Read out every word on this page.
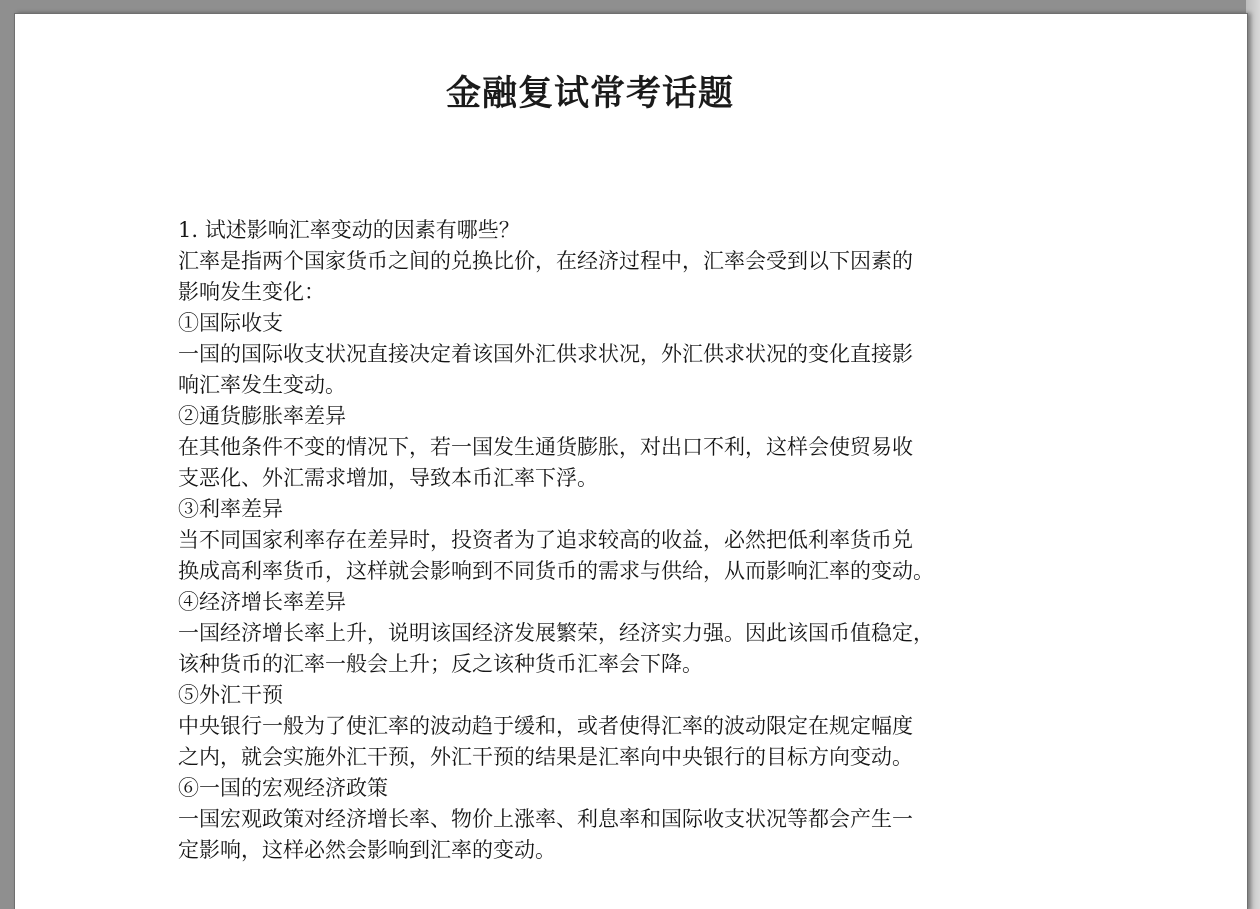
金融复试常考话题
1. 试述影响汇率变动的因素有哪些？
汇率是指两个国家货币之间的兑换比价，在经济过程中，汇率会受到以下因素的
影响发生变化：
①国际收支
一国的国际收支状况直接决定着该国外汇供求状况，外汇供求状况的变化直接影
响汇率发生变动。
②通货膨胀率差异
在其他条件不变的情况下，若一国发生通货膨胀，对出口不利，这样会使贸易收
支恶化、外汇需求增加，导致本币汇率下浮。
③利率差异
当不同国家利率存在差异时，投资者为了追求较高的收益，必然把低利率货币兑
换成高利率货币，这样就会影响到不同货币的需求与供给，从而影响汇率的变动。
④经济增长率差异
一国经济增长率上升，说明该国经济发展繁荣，经济实力强。因此该国币值稳定，
该种货币的汇率一般会上升；反之该种货币汇率会下降。
⑤外汇干预
中央银行一般为了使汇率的波动趋于缓和，或者使得汇率的波动限定在规定幅度
之内，就会实施外汇干预，外汇干预的结果是汇率向中央银行的目标方向变动。
⑥一国的宏观经济政策
一国宏观政策对经济增长率、物价上涨率、利息率和国际收支状况等都会产生一
定影响，这样必然会影响到汇率的变动。
